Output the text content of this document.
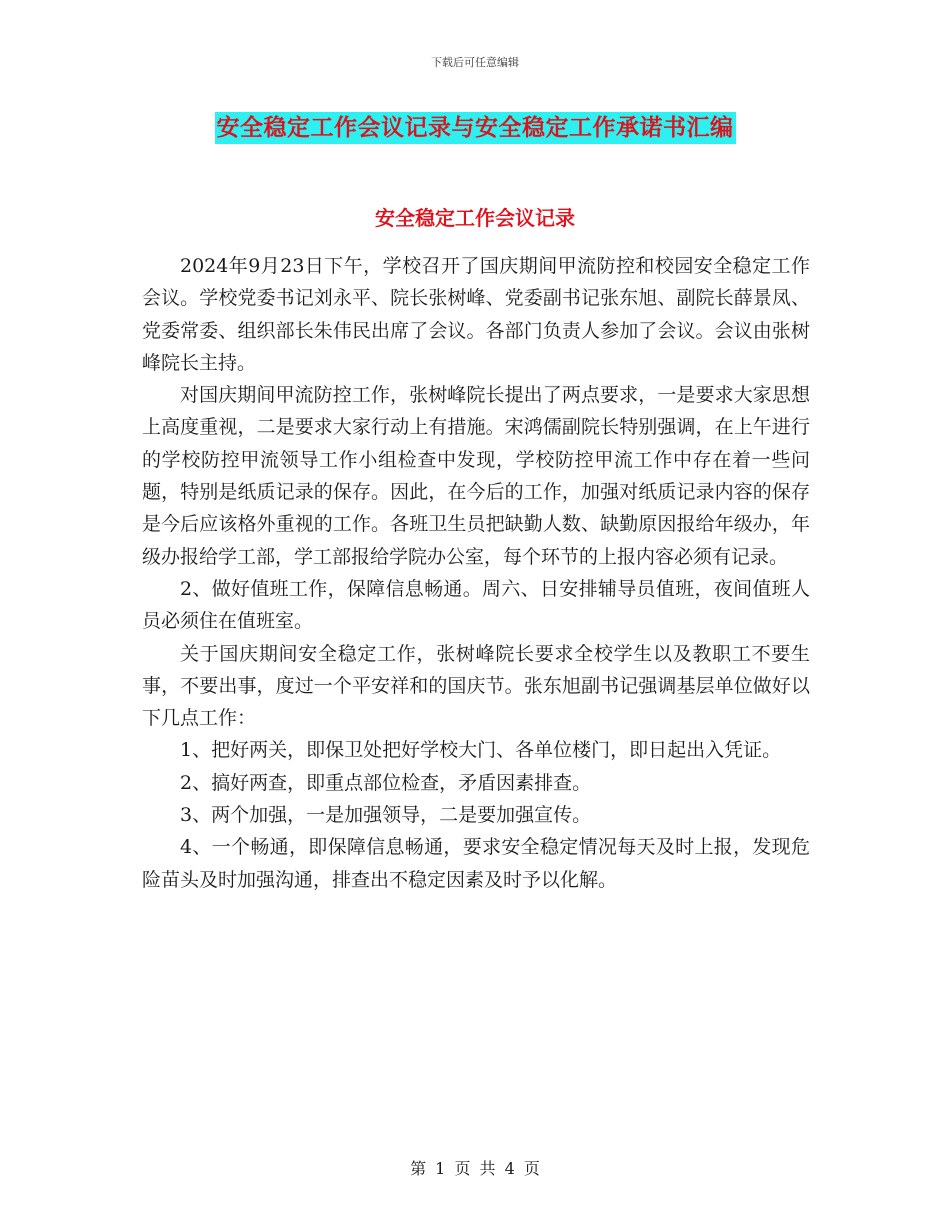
下载后可任意编辑
安全稳定工作会议记录与安全稳定工作承诺书汇编
安全稳定工作会议记录

2024年9月23日下午，学校召开了国庆期间甲流防控和校园安全稳定工作会议。学校党委书记刘永平、院长张树峰、党委副书记张东旭、副院长薛景凤、党委常委、组织部长朱伟民出席了会议。各部门负责人参加了会议。会议由张树峰院长主持。

对国庆期间甲流防控工作，张树峰院长提出了两点要求，一是要求大家思想上高度重视，二是要求大家行动上有措施。宋鸿儒副院长特别强调，在上午进行的学校防控甲流领导工作小组检查中发现，学校防控甲流工作中存在着一些问题，特别是纸质记录的保存。因此，在今后的工作，加强对纸质记录内容的保存是今后应该格外重视的工作。各班卫生员把缺勤人数、缺勤原因报给年级办，年级办报给学工部，学工部报给学院办公室，每个环节的上报内容必须有记录。

2、做好值班工作，保障信息畅通。周六、日安排辅导员值班，夜间值班人员必须住在值班室。

关于国庆期间安全稳定工作，张树峰院长要求全校学生以及教职工不要生事，不要出事，度过一个平安祥和的国庆节。张东旭副书记强调基层单位做好以下几点工作：

1、把好两关，即保卫处把好学校大门、各单位楼门，即日起出入凭证。

2、搞好两查，即重点部位检查，矛盾因素排查。

3、两个加强，一是加强领导，二是要加强宣传。

4、一个畅通，即保障信息畅通，要求安全稳定情况每天及时上报，发现危险苗头及时加强沟通，排查出不稳定因素及时予以化解。

第 1 页 共 4 页
